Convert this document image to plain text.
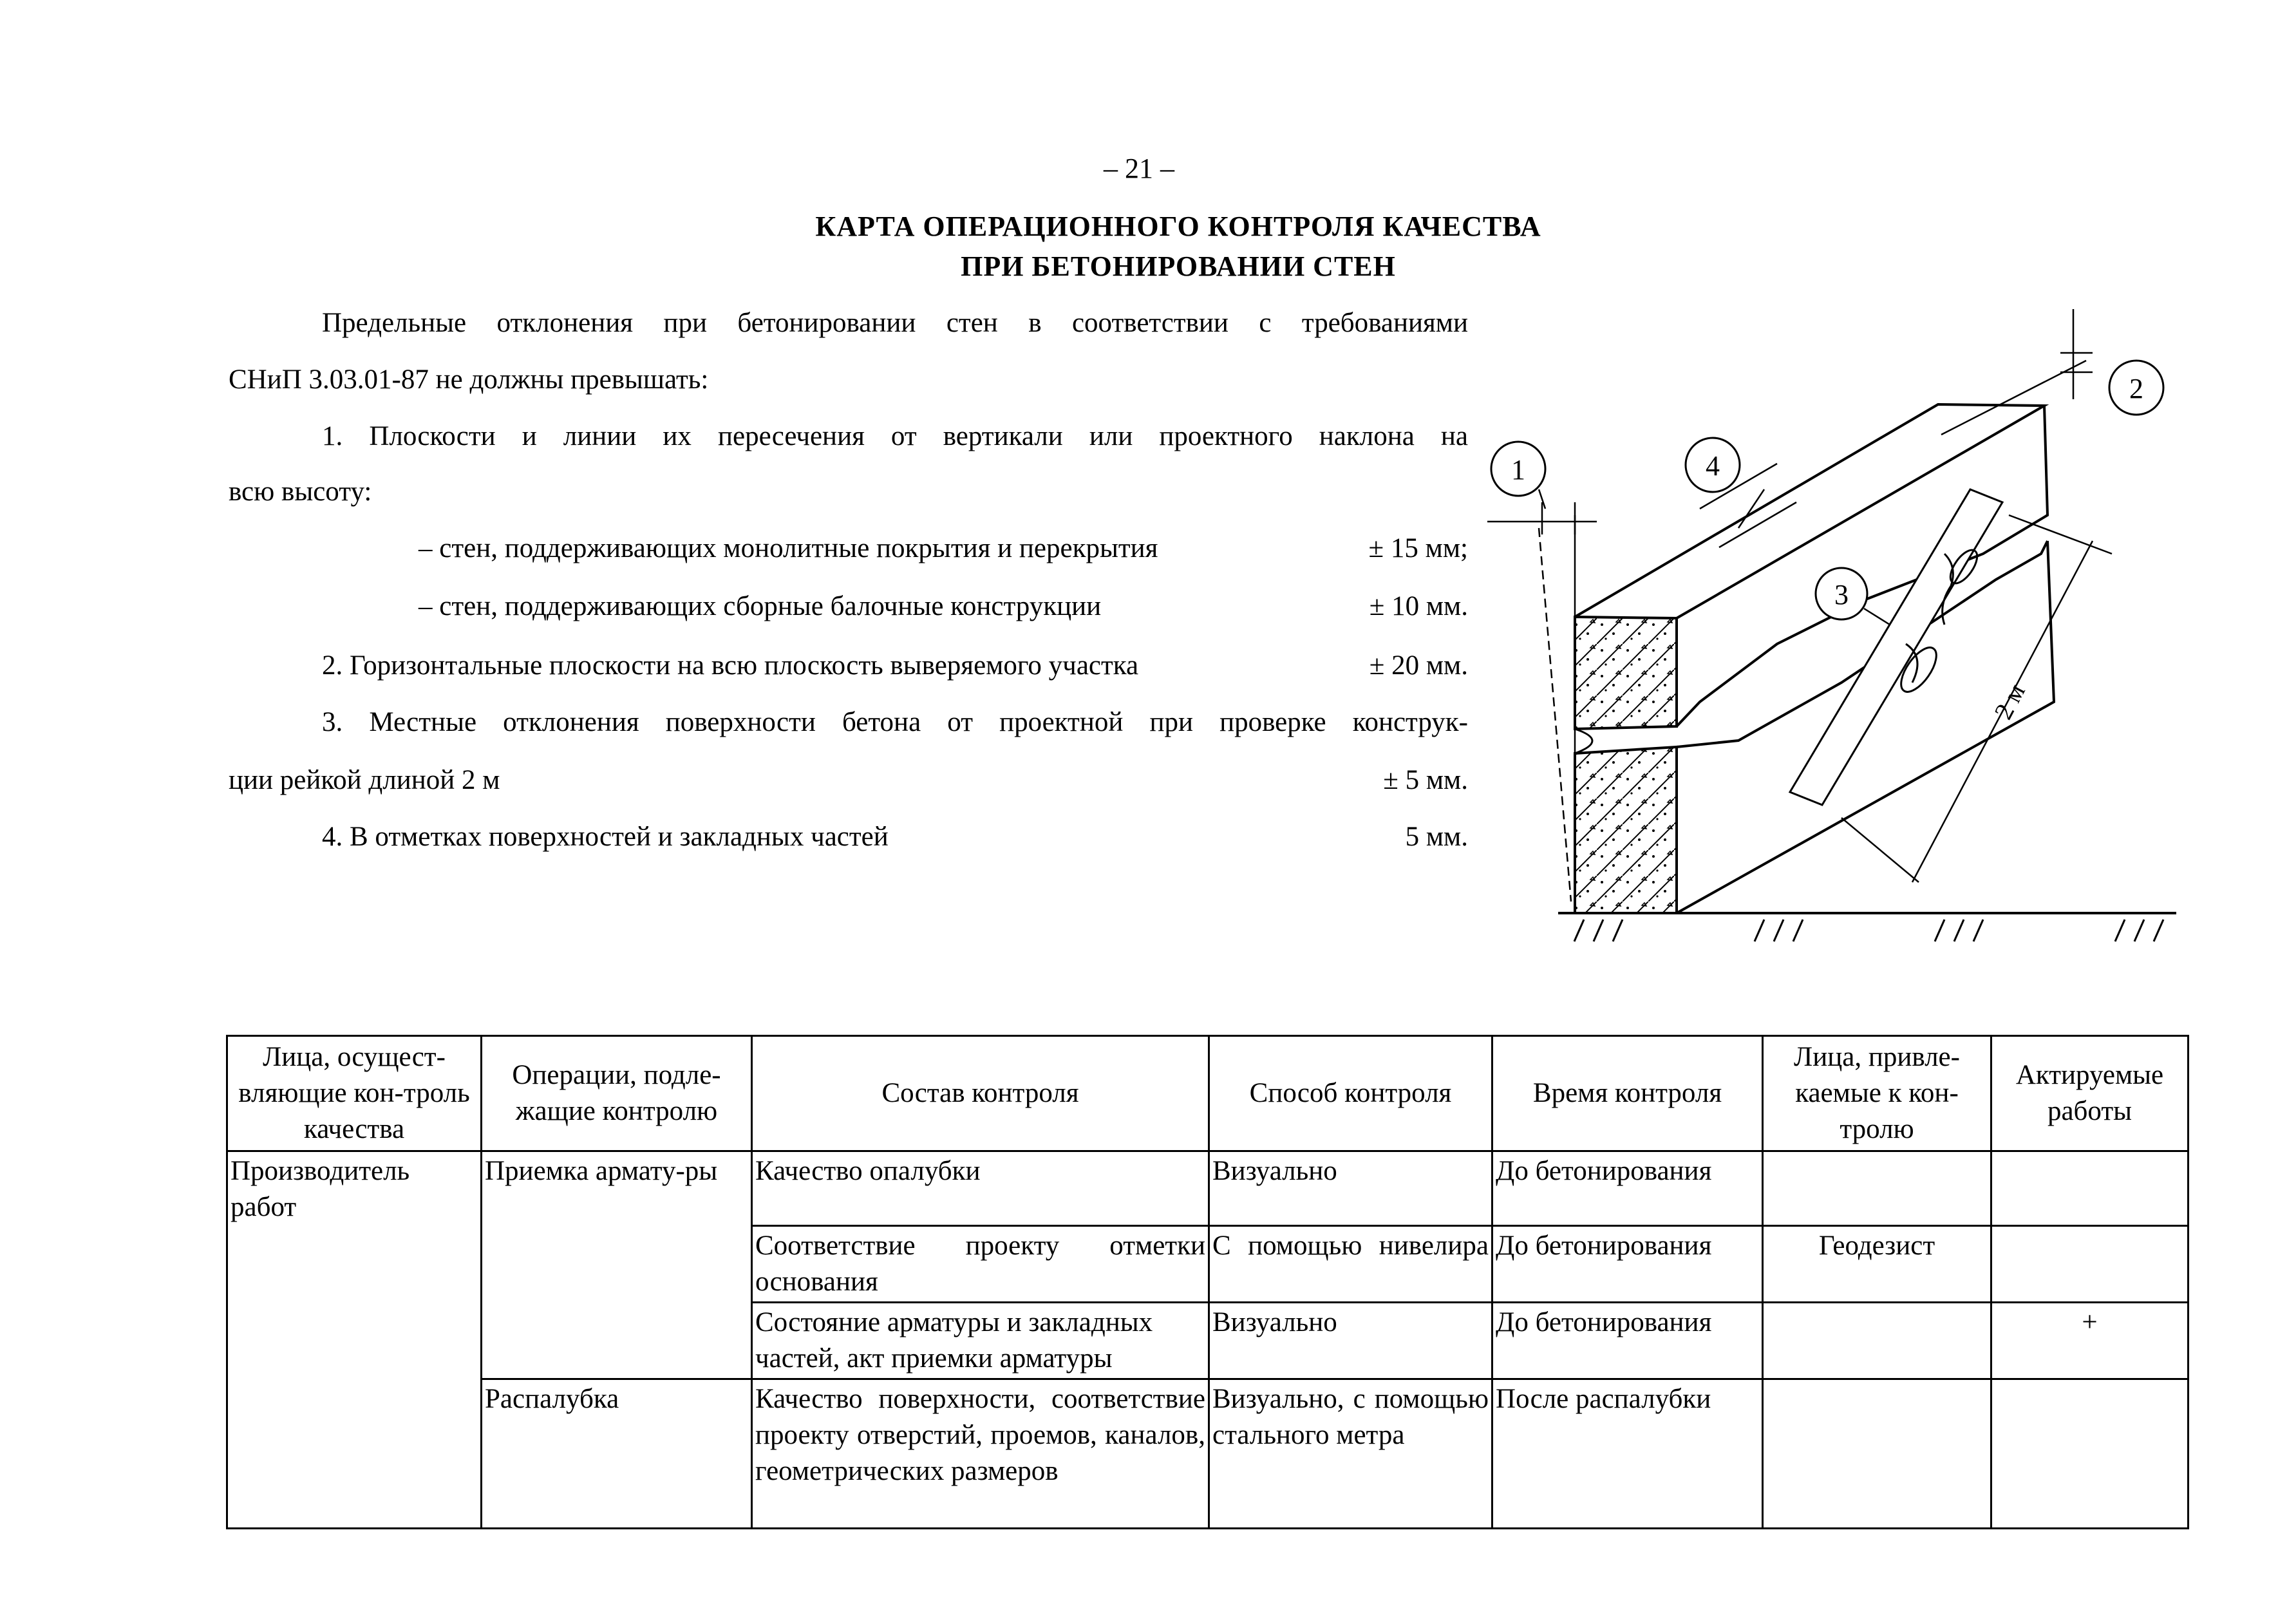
– 21 –
КАРТА ОПЕРАЦИОННОГО КОНТРОЛЯ КАЧЕСТВА
ПРИ БЕТОНИРОВАНИИ СТЕН
Предельные отклонения при бетонировании стен в соответствии с требованиями
СНиП 3.03.01-87 не должны превышать:
1. Плоскости и линии их пересечения от вертикали или проектного наклона на
всю высоту:
– стен, поддерживающих монолитные покрытия и перекрытия	± 15 мм;
– стен, поддерживающих сборные балочные конструкции	± 10 мм.
2. Горизонтальные плоскости на всю плоскость выверяемого участка	± 20 мм.
3. Местные отклонения поверхности бетона от проектной при проверке конструк-
ции рейкой длиной 2 м	± 5 мм.
4. В отметках поверхностей и закладных частей	5 мм.
2 м
1
2
3
4
Лица, осущест-вляющие кон-троль качества	Операции, подле-жащие контролю	Состав контроля	Способ контроля	Время контроля	Лица, привле-каемые к кон-тролю	Актируемые работы
Производитель работ	Приемка армату-ры	Качество опалубки	Визуально	До бетонирования		
		Соответствие проекту отметки основания	С помощью нивелира	До бетонирования	Геодезист	
		Состояние арматуры и закладных частей, акт приемки арматуры	Визуально	До бетонирования		+
	Распалубка	Качество поверхности, соответствие проекту отверстий, проемов, каналов, геометрических размеров	Визуально, с помощью стального метра	После распалубки		
